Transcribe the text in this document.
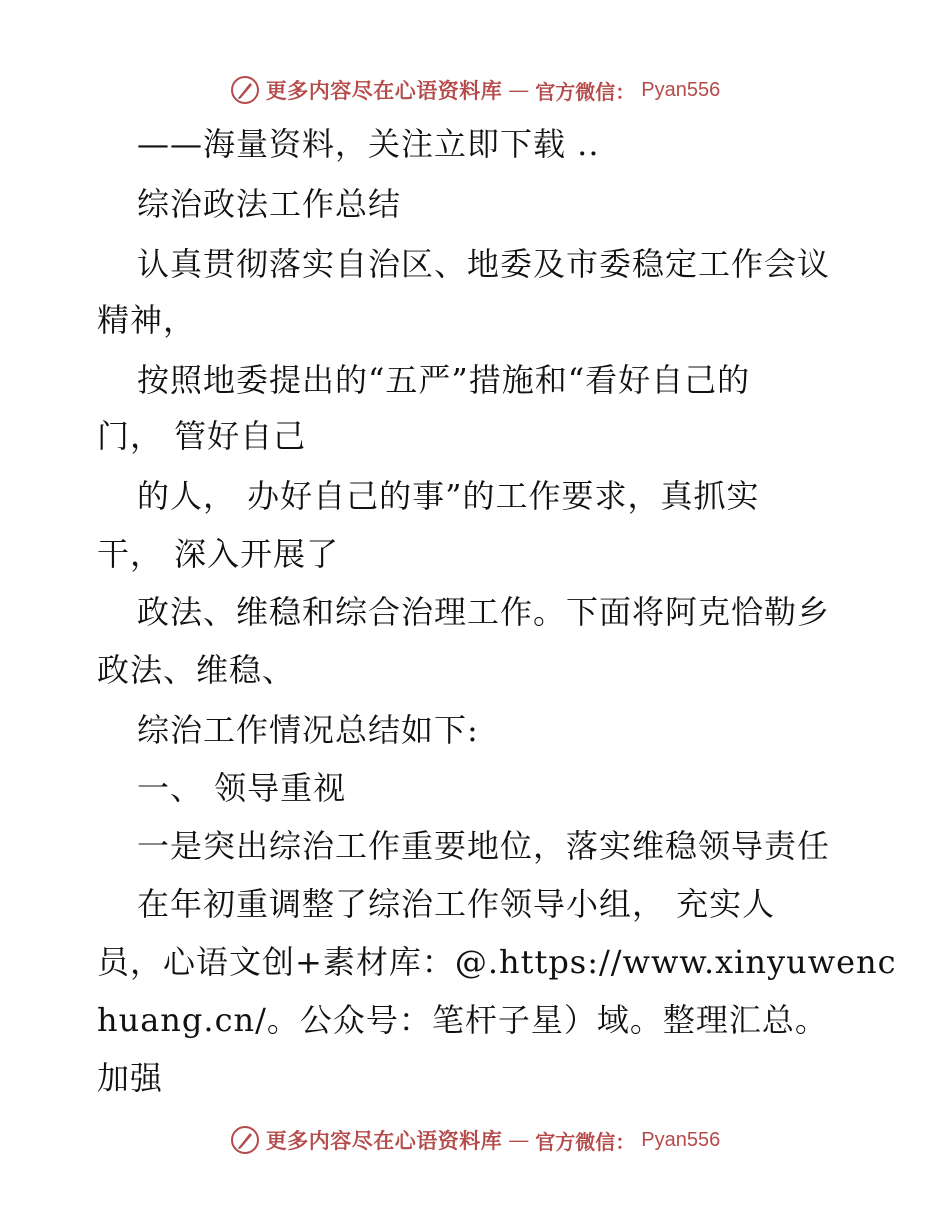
更多内容尽在心语资料库 — 官方微信： Pyan556
——海量资料，关注立即下载 ..
综治政法工作总结
认真贯彻落实自治区、地委及市委稳定工作会议
精神，
按照地委提出的“五严”措施和“看好自己的
门， 管好自己
的人， 办好自己的事”的工作要求，真抓实
干， 深入开展了
政法、维稳和综合治理工作。下面将阿克恰勒乡
政法、维稳、
综治工作情况总结如下:
一、 领导重视
一是突出综治工作重要地位，落实维稳领导责任
在年初重调整了综治工作领导小组， 充实人
员，心语文创+素材库：@.https://www.xinyuwenc
huang.cn/。公众号：笔杆子星）域。整理汇总。
加强
更多内容尽在心语资料库 — 官方微信： Pyan556
